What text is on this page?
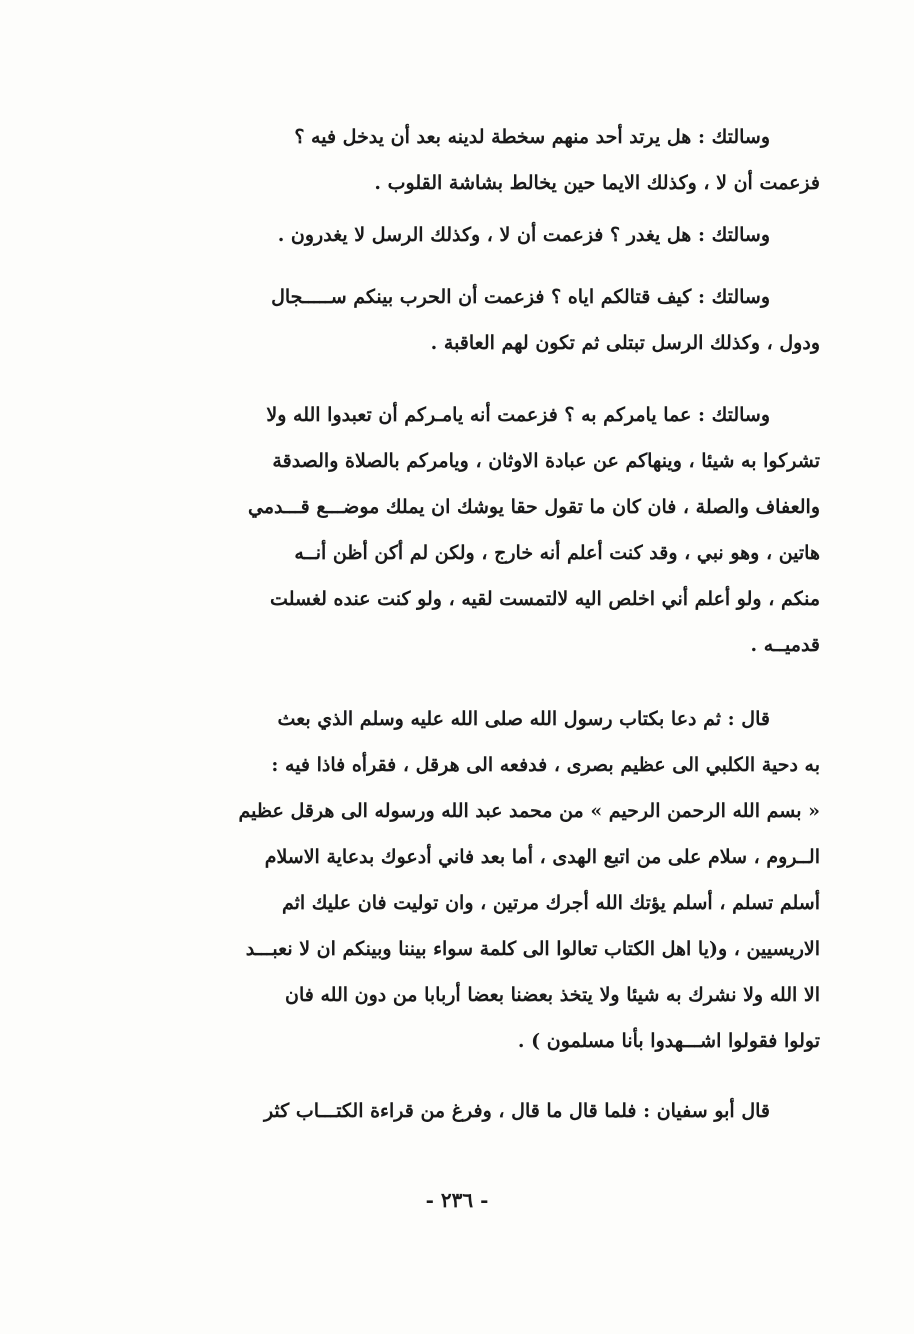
وسالتك : هل يرتد أحد منهم سخطة لدينه بعد أن يدخل فيه ؟
فزعمت أن لا ، وكذلك الايما حين يخالط بشاشة القلوب .
وسالتك : هل يغدر ؟ فزعمت أن لا ، وكذلك الرسل لا يغدرون .
وسالتك : كيف قتالكم اياه ؟ فزعمت أن الحرب بينكم ســـــجال
ودول ، وكذلك الرسل تبتلى ثم تكون لهم العاقبة .
وسالتك : عما يامركم به ؟ فزعمت أنه يامـركم أن تعبدوا الله ولا
تشركوا به شيئا ، وينهاكم عن عبادة الاوثان ، ويامركم بالصلاة والصدقة
والعفاف والصلة ، فان كان ما تقول حقا يوشك ان يملك موضـــع قـــدمي
هاتين ، وهو نبي ، وقد كنت أعلم أنه خارج ، ولكن لم أكن أظن أنــه
منكم ، ولو أعلم أني اخلص اليه لالتمست لقيه ، ولو كنت عنده لغسلت
قدميــه .
قال : ثم دعا بكتاب رسول الله صلى الله عليه وسلم الذي بعث
به دحية الكلبي الى عظيم بصرى ، فدفعه الى هرقل ، فقرأه فاذا فيه :
« بسم الله الرحمن الرحيم » من محمد عبد الله ورسوله الى هرقل عظيم
الــروم ، سلام على من اتبع الهدى ، أما بعد فاني أدعوك بدعاية الاسلام
أسلم تسلم ، أسلم يؤتك الله أجرك مرتين ، وان توليت فان عليك اثم
الاريسيين ، و(يا اهل الكتاب تعالوا الى كلمة سواء بيننا وبينكم ان لا نعبـــد
الا الله ولا نشرك به شيئا ولا يتخذ بعضنا بعضا أربابا من دون الله فان
تولوا فقولوا اشـــهدوا بأنا مسلمون ) .
قال أبو سفيان : فلما قال ما قال ، وفرغ من قراءة الكتـــاب كثر
- ٢٣٦ -
